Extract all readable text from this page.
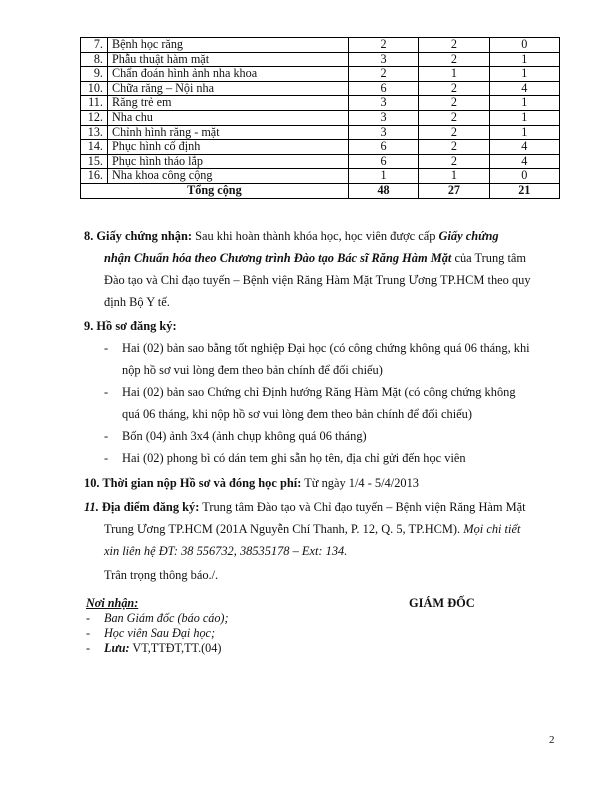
7.	Bệnh học răng	2	2	0
8.	Phẫu thuật hàm mặt	3	2	1
9.	Chẩn đoán hình ảnh nha khoa	2	1	1
10.	Chữa răng – Nội nha	6	2	4
11.	Răng trẻ em	3	2	1
12.	Nha chu	3	2	1
13.	Chỉnh hình răng - mặt	3	2	1
14.	Phục hình cố định	6	2	4
15.	Phục hình tháo lắp	6	2	4
16.	Nha khoa công cộng	1	1	0
Tổng cộng		48	27	21
8. Giấy chứng nhận: Sau khi hoàn thành khóa học, học viên được cấp Giấy chứng
nhận Chuẩn hóa theo Chương trình Đào tạo Bác sĩ Răng Hàm Mặt của Trung tâm
Đào tạo và Chỉ đạo tuyến – Bệnh viện Răng Hàm Mặt Trung Ương TP.HCM theo quy
định Bộ Y tế.
9. Hồ sơ đăng ký:
- Hai (02) bản sao bằng tốt nghiệp Đại học (có công chứng không quá 06 tháng, khi
nộp hồ sơ vui lòng đem theo bản chính để đối chiếu)
- Hai (02) bản sao Chứng chỉ Định hướng Răng Hàm Mặt (có công chứng không
quá 06 tháng, khi nộp hồ sơ vui lòng đem theo bản chính để đối chiếu)
- Bốn (04) ảnh 3x4 (ảnh chụp không quá 06 tháng)
- Hai (02) phong bì có dán tem ghi sẵn họ tên, địa chỉ gửi đến học viên
10. Thời gian nộp Hồ sơ và đóng học phí: Từ ngày 1/4 - 5/4/2013
11. Địa điểm đăng ký: Trung tâm Đào tạo và Chỉ đạo tuyến – Bệnh viện Răng Hàm Mặt
Trung Ương TP.HCM (201A Nguyễn Chí Thanh, P. 12, Q. 5, TP.HCM). Mọi chi tiết
xin liên hệ ĐT: 38 556732, 38535178 – Ext: 134.
Trân trọng thông báo./.
Nơi nhận:
- Ban Giám đốc (báo cáo);
- Học viên Sau Đại học;
- Lưu: VT,TTĐT,TT.(04)
GIÁM ĐỐC
2
